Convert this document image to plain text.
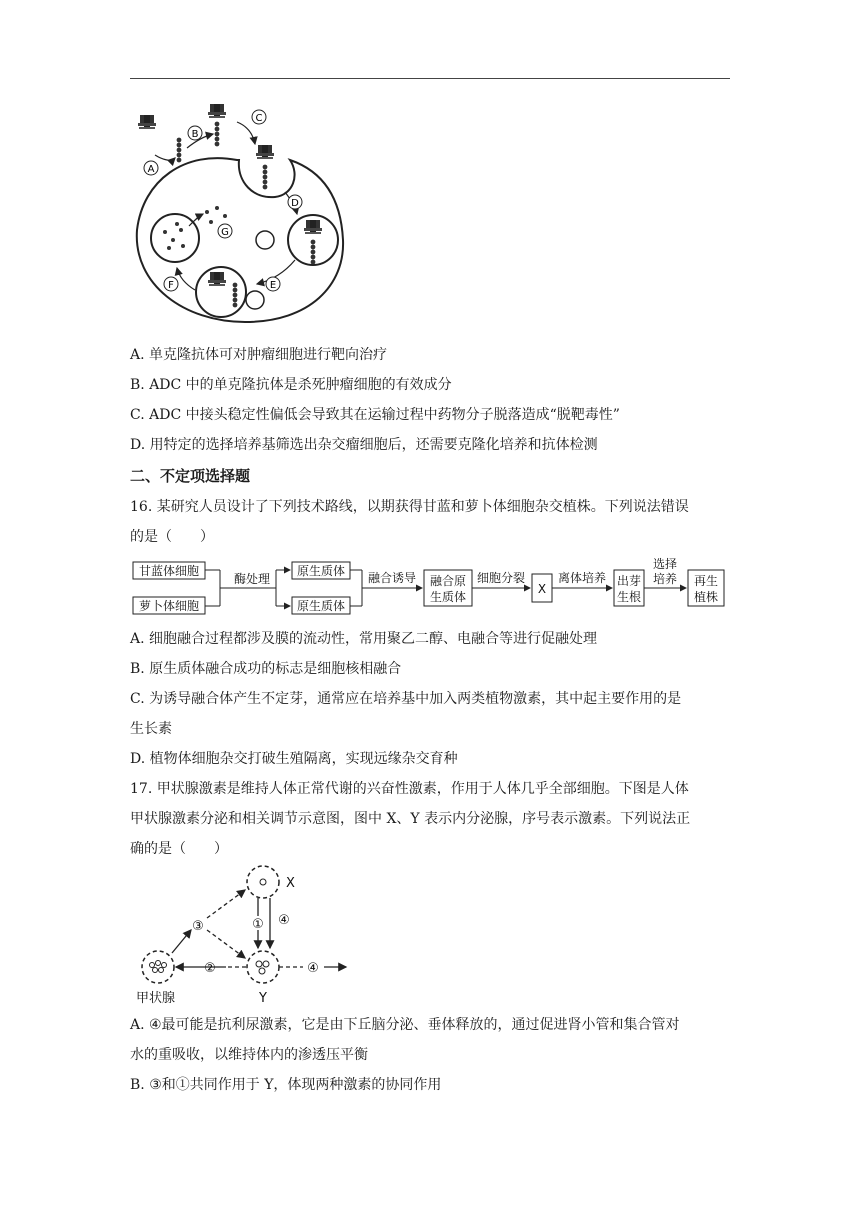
A
B
C
D
E
F
G
A. 单克隆抗体可对肿瘤细胞进行靶向治疗
B. ADC 中的单克隆抗体是杀死肿瘤细胞的有效成分
C. ADC 中接头稳定性偏低会导致其在运输过程中药物分子脱落造成“脱靶毒性”
D. 用特定的选择培养基筛选出杂交瘤细胞后，还需要克隆化培养和抗体检测
二、不定项选择题
16. 某研究人员设计了下列技术路线，以期获得甘蓝和萝卜体细胞杂交植株。下列说法错误
的是（　　）
甘蓝体细胞
萝卜体细胞
酶处理
原生质体
原生质体
融合诱导 融合原
生质体
细胞分裂
X
离体培养 出芽
生根
选择
培养 再生
植株
A. 细胞融合过程都涉及膜的流动性，常用聚乙二醇、电融合等进行促融处理
B. 原生质体融合成功的标志是细胞核相融合
C. 为诱导融合体产生不定芽，通常应在培养基中加入两类植物激素，其中起主要作用的是
生长素
D. 植物体细胞杂交打破生殖隔离，实现远缘杂交育种
17. 甲状腺激素是维持人体正常代谢的兴奋性激素，作用于人体几乎全部细胞。下图是人体
甲状腺激素分泌和相关调节示意图，图中 X、Y 表示内分泌腺，序号表示激素。下列说法正
确的是（　　）
X
Y
甲状腺
③	① ④
②	④
A. ④最可能是抗利尿激素，它是由下丘脑分泌、垂体释放的，通过促进肾小管和集合管对
水的重吸收，以维持体内的渗透压平衡
B. ③和①共同作用于 Y，体现两种激素的协同作用
